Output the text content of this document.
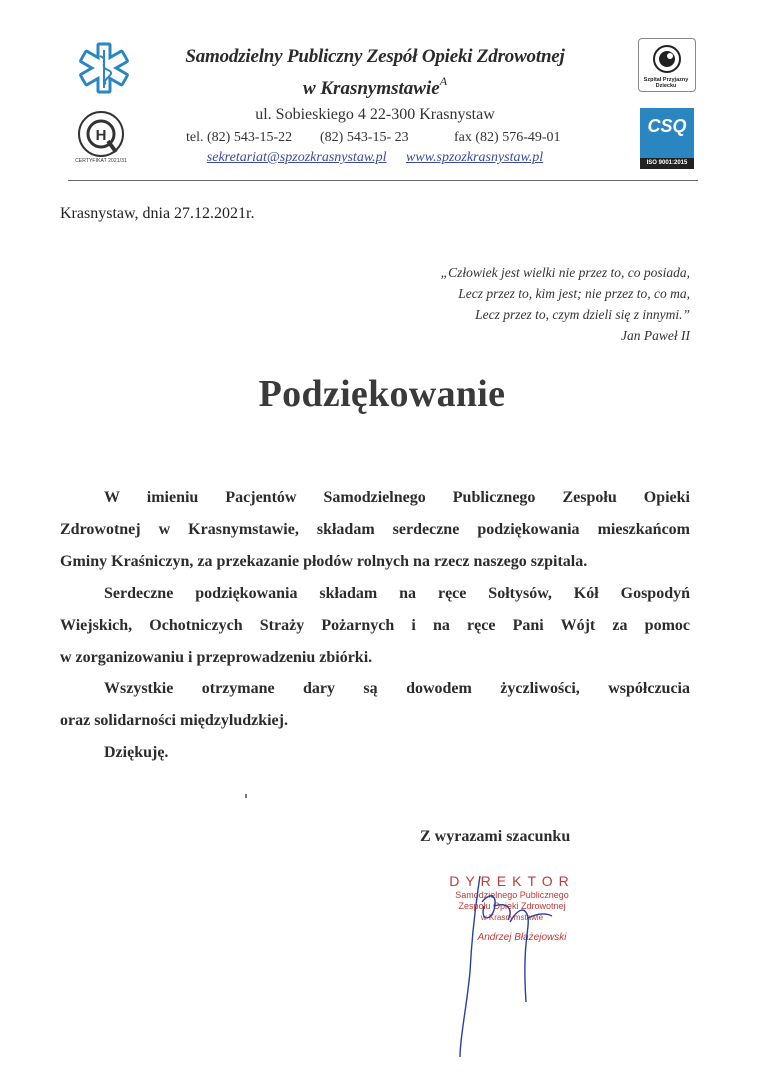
H
CERTYFIKAT 2021/31
Samodzielny Publiczny Zespół Opieki Zdrowotnej
w Krasnymstawie$^A$
ul. Sobieskiego 4 22-300 Krasnystaw
tel. (82) 543-15-22 (82) 543-15- 23	fax (82) 576-49-01
sekretariat@spzozkrasnystaw.pl www.spzozkrasnystaw.pl
Szpital Przyjazny
Dziecku
CSQ
ISO 9001:2015
Krasnystaw, dnia 27.12.2021r.
„Człowiek jest wielki nie przez to, co posiada,
Lecz przez to, kim jest; nie przez to, co ma,
Lecz przez to, czym dzieli się z innymi.”
Jan Paweł II
Podziękowanie
W imieniu Pacjentów Samodzielnego Publicznego Zespołu Opieki
Zdrowotnej w Krasnymstawie, składam serdeczne podziękowania mieszkańcom
Gminy Kraśniczyn, za przekazanie płodów rolnych na rzecz naszego szpitala.
Serdeczne podziękowania składam na ręce Sołtysów, Kół Gospodyń
Wiejskich, Ochotniczych Straży Pożarnych i na ręce Pani Wójt za pomoc
w zorganizowaniu i przeprowadzeniu zbiórki.
Wszystkie otrzymane dary są dowodem życzliwości, współczucia
oraz solidarności międzyludzkiej.
Dziękuję.
Z wyrazami szacunku
DYREKTOR
Samodzielnego Publicznego
Zespołu Opieki Zdrowotnej
w Krasnymstawie
Andrzej Błażejowski
